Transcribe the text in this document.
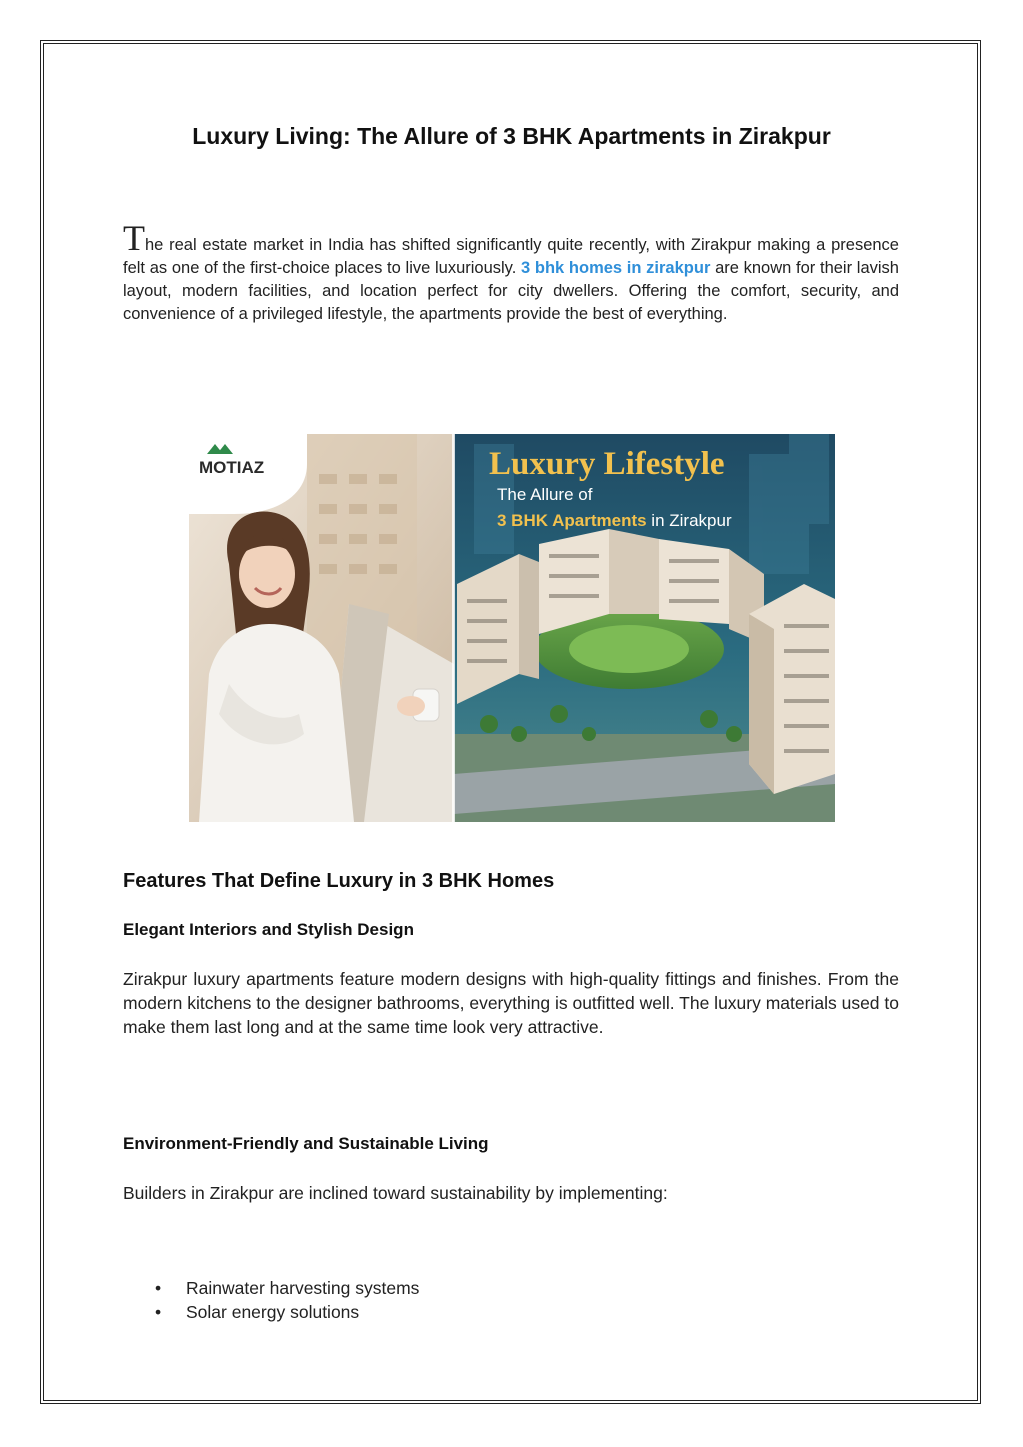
Luxury Living: The Allure of 3 BHK Apartments in Zirakpur
The real estate market in India has shifted significantly quite recently, with Zirakpur making a presence felt as one of the first-choice places to live luxuriously. 3 bhk homes in zirakpur are known for their lavish layout, modern facilities, and location perfect for city dwellers. Offering the comfort, security, and convenience of a privileged lifestyle, the apartments provide the best of everything.
MOTIAZ	Luxury Lifestyle
The Allure of
3 BHK Apartments in Zirakpur
Features That Define Luxury in 3 BHK Homes
Elegant Interiors and Stylish Design
Zirakpur luxury apartments feature modern designs with high-quality fittings and finishes. From the modern kitchens to the designer bathrooms, everything is outfitted well. The luxury materials used to make them last long and at the same time look very attractive.
Environment-Friendly and Sustainable Living
Builders in Zirakpur are inclined toward sustainability by implementing:
• Rainwater harvesting systems
• Solar energy solutions
